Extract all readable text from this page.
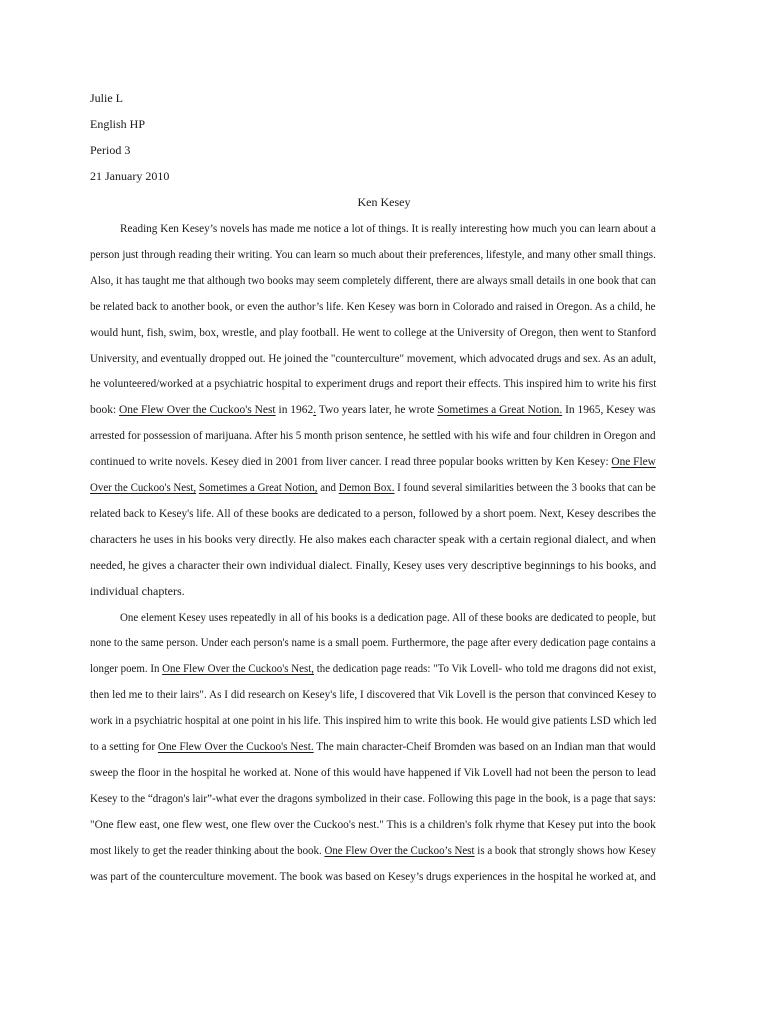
Julie L
English HP
Period 3
21 January 2010
Ken Kesey
Reading Ken Kesey’s novels has made me notice a lot of things. It is really interesting how much you can learn about a
person just through reading their writing. You can learn so much about their preferences, lifestyle, and many other small things.
Also, it has taught me that although two books may seem completely different, there are always small details in one book that can
be related back to another book, or even the author’s life. Ken Kesey was born in Colorado and raised in Oregon. As a child, he
would hunt, fish, swim, box, wrestle, and play football. He went to college at the University of Oregon, then went to Stanford
University, and eventually dropped out. He joined the "counterculture" movement, which advocated drugs and sex. As an adult,
he volunteered/worked at a psychiatric hospital to experiment drugs and report their effects. This inspired him to write his first
book: One Flew Over the Cuckoo's Nest in 1962. Two years later, he wrote Sometimes a Great Notion. In 1965, Kesey was
arrested for possession of marijuana. After his 5 month prison sentence, he settled with his wife and four children in Oregon and
continued to write novels. Kesey died in 2001 from liver cancer. I read three popular books written by Ken Kesey: One Flew
Over the Cuckoo's Nest, Sometimes a Great Notion, and Demon Box. I found several similarities between the 3 books that can be
related back to Kesey's life. All of these books are dedicated to a person, followed by a short poem. Next, Kesey describes the
characters he uses in his books very directly. He also makes each character speak with a certain regional dialect, and when
needed, he gives a character their own individual dialect. Finally, Kesey uses very descriptive beginnings to his books, and
individual chapters.
One element Kesey uses repeatedly in all of his books is a dedication page. All of these books are dedicated to people, but
none to the same person. Under each person's name is a small poem. Furthermore, the page after every dedication page contains a
longer poem. In One Flew Over the Cuckoo's Nest, the dedication page reads: "To Vik Lovell- who told me dragons did not exist,
then led me to their lairs". As I did research on Kesey's life, I discovered that Vik Lovell is the person that convinced Kesey to
work in a psychiatric hospital at one point in his life. This inspired him to write this book. He would give patients LSD which led
to a setting for One Flew Over the Cuckoo's Nest. The main character-Cheif Bromden was based on an Indian man that would
sweep the floor in the hospital he worked at. None of this would have happened if Vik Lovell had not been the person to lead
Kesey to the “dragon's lair”-what ever the dragons symbolized in their case. Following this page in the book, is a page that says:
"One flew east, one flew west, one flew over the Cuckoo's nest." This is a children's folk rhyme that Kesey put into the book
most likely to get the reader thinking about the book. One Flew Over the Cuckoo’s Nest is a book that strongly shows how Kesey
was part of the counterculture movement. The book was based on Kesey’s drugs experiences in the hospital he worked at, and
